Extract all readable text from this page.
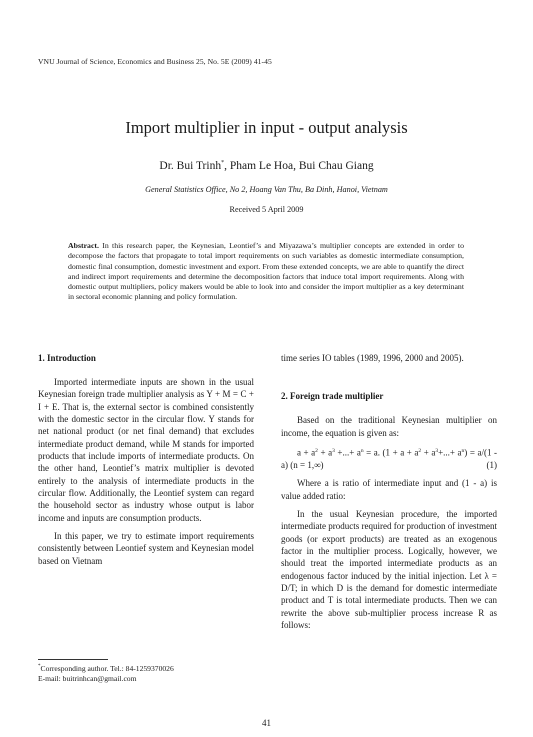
VNU Journal of Science, Economics and Business 25, No. 5E (2009) 41-45
Import multiplier in input - output analysis
Dr. Bui Trinh*, Pham Le Hoa, Bui Chau Giang
General Statistics Office, No 2, Hoang Van Thu, Ba Dinh, Hanoi, Vietnam
Received 5 April 2009
Abstract. In this research paper, the Keynesian, Leontief’s and Miyazawa’s multiplier concepts are extended in order to decompose the factors that propagate to total import requirements on such variables as domestic intermediate consumption, domestic final consumption, domestic investment and export. From these extended concepts, we are able to quantify the direct and indirect import requirements and determine the decomposition factors that induce total import requirements. Along with domestic output multipliers, policy makers would be able to look into and consider the import multiplier as a key determinant in sectoral economic planning and policy formulation.
1. Introduction

Imported intermediate inputs are shown in the usual Keynesian foreign trade multiplier analysis as Y + M = C + I + E. That is, the external sector is combined consistently with the domestic sector in the circular flow. Y stands for net national product (or net final demand) that excludes intermediate product demand, while M stands for imported products that include imports of intermediate products. On the other hand, Leontief’s matrix multiplier is devoted entirely to the analysis of intermediate products in the circular flow. Additionally, the Leontief system can regard the household sector as industry whose output is labor income and inputs are consumption products.

In this paper, we try to estimate import requirements consistently between Leontief system and Keynesian model based on Vietnam

time series IO tables (1989, 1996, 2000 and 2005).

2. Foreign trade multiplier

Based on the traditional Keynesian multiplier on income, the equation is given as:

$a + a^2 + a^3$ +...+ $a^n = a$. $(1 + a + a^2 + a^3+...+ a^n) = a/(1 - a)$ (n = 1,∞)	(1)

Where a is ratio of intermediate input and (1 - a) is value added ratio:

In the usual Keynesian procedure, the imported intermediate products required for production of investment goods (or export products) are treated as an exogenous factor in the multiplier process. Logically, however, we should treat the imported intermediate products as an endogenous factor induced by the initial injection. Let λ = D/T; in which D is the demand for domestic intermediate product and T is total intermediate products. Then we can rewrite the above sub-multiplier process increase R as follows:

*Corresponding author. Tel.: 84-1259370026
E-mail: buitrinhcan@gmail.com
41
